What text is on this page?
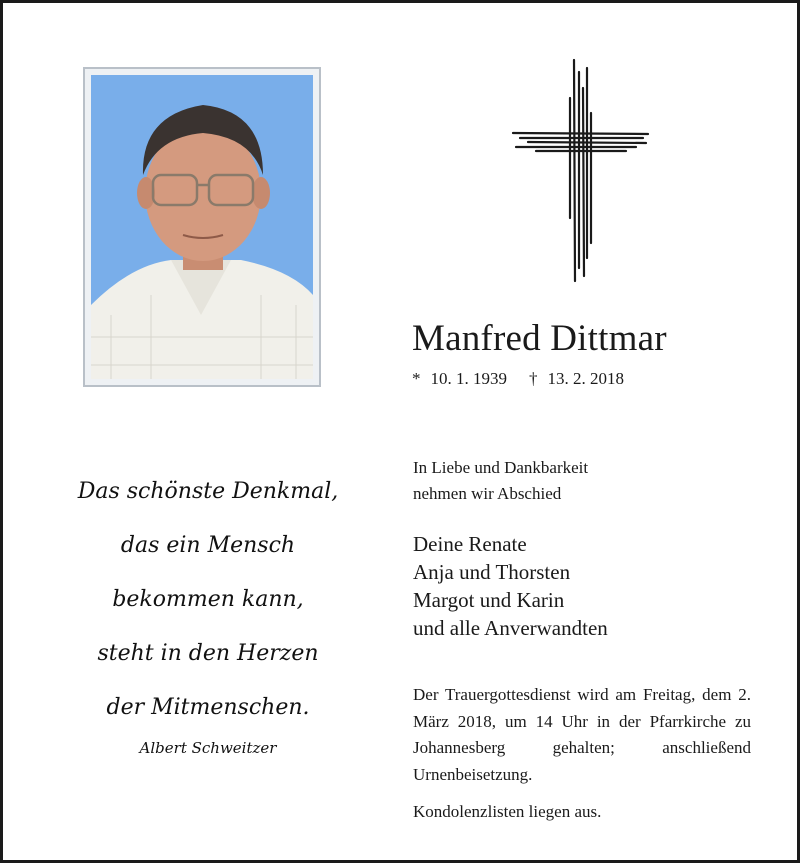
Manfred Dittmar
* 10. 1. 1939 † 13. 2. 2018
In Liebe und Dankbarkeit
nehmen wir Abschied
Deine Renate
Anja und Thorsten
Margot und Karin
und alle Anverwandten
Der Trauergottesdienst wird am Freitag, dem 2. März 2018, um 14 Uhr in der Pfarrkirche zu Johannesberg gehalten; anschließend Urnenbeisetzung.
Kondolenzlisten liegen aus.
Das schönste Denkmal,
das ein Mensch
bekommen kann,
steht in den Herzen
der Mitmenschen.
Albert Schweitzer
